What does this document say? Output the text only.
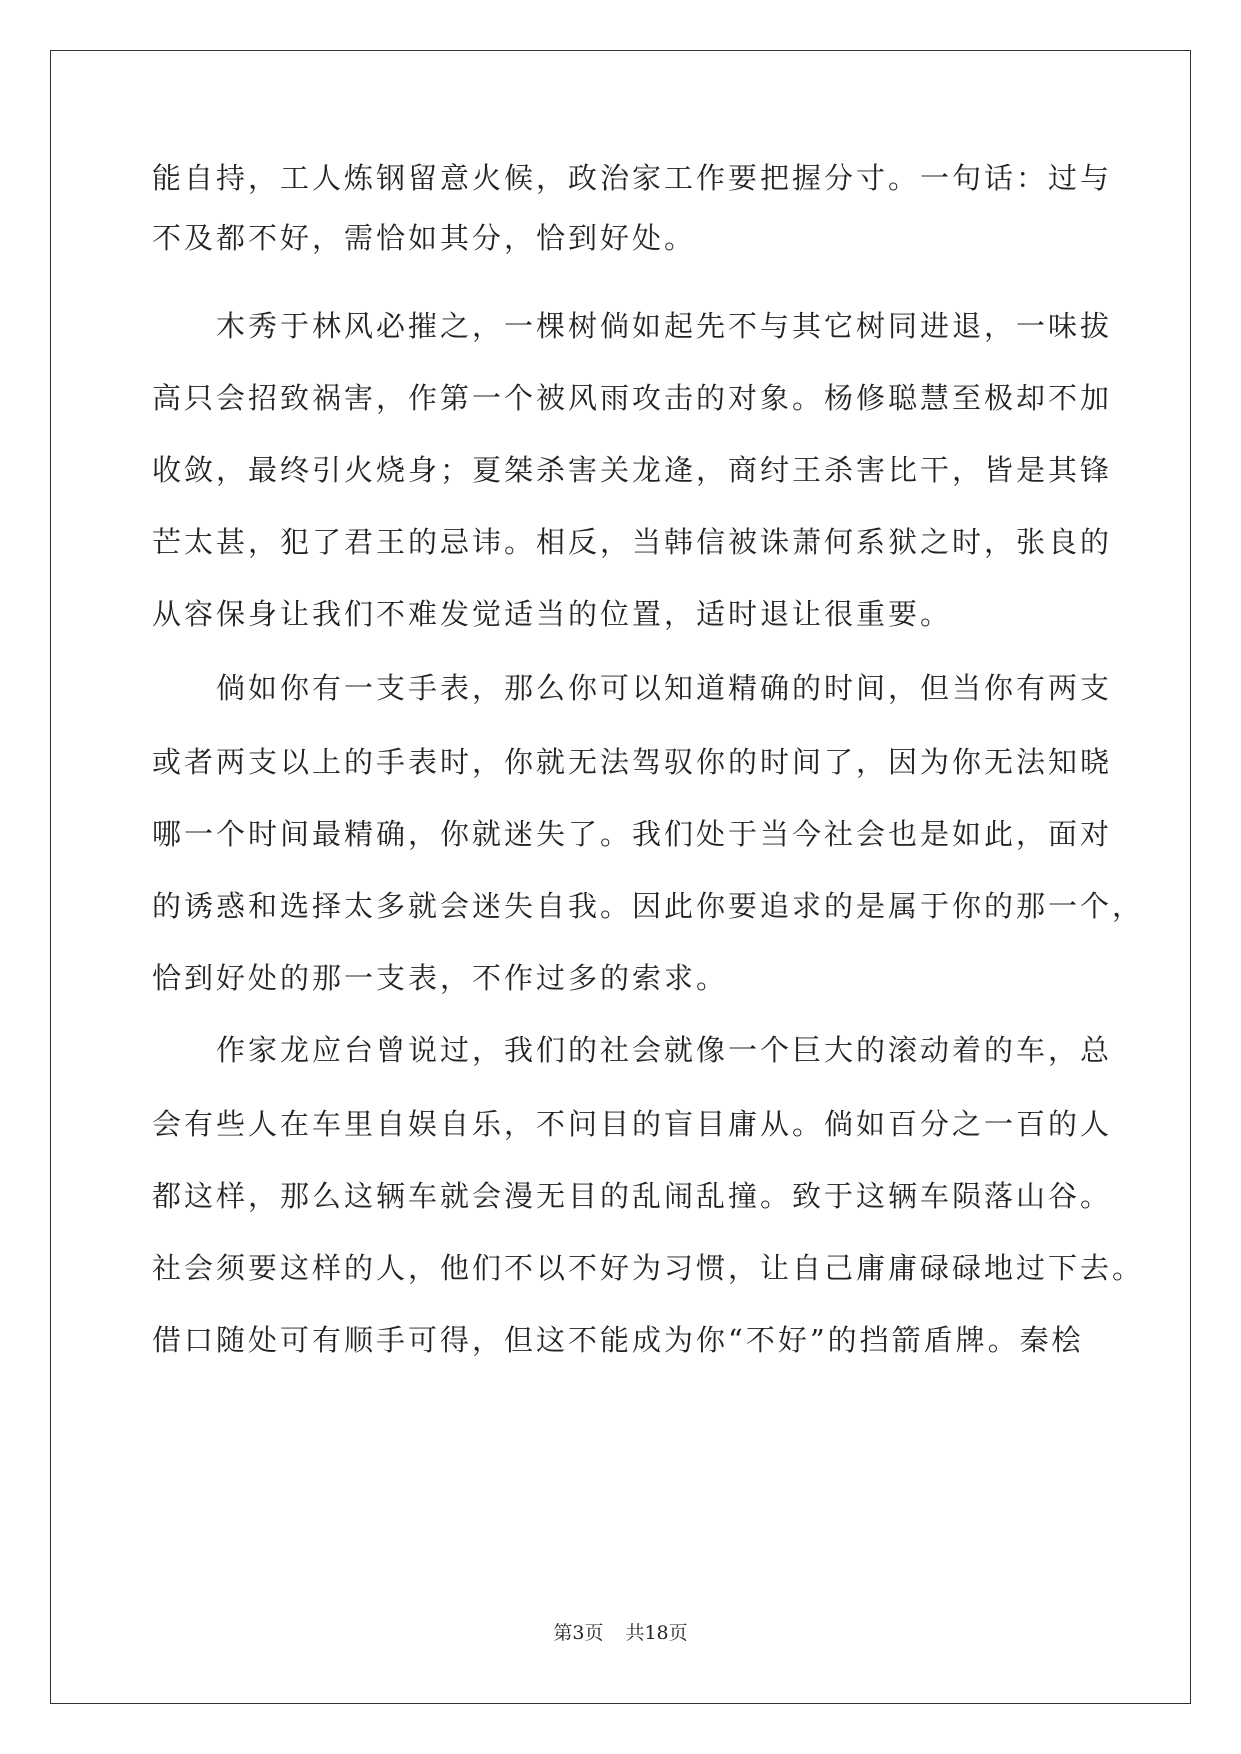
能自持，工人炼钢留意火候，政治家工作要把握分寸。一句话：过与
不及都不好，需恰如其分，恰到好处。
木秀于林风必摧之，一棵树倘如起先不与其它树同进退，一味拔
高只会招致祸害，作第一个被风雨攻击的对象。杨修聪慧至极却不加
收敛，最终引火烧身；夏桀杀害关龙逄，商纣王杀害比干，皆是其锋
芒太甚，犯了君王的忌讳。相反，当韩信被诛萧何系狱之时，张良的
从容保身让我们不难发觉适当的位置，适时退让很重要。
倘如你有一支手表，那么你可以知道精确的时间，但当你有两支
或者两支以上的手表时，你就无法驾驭你的时间了，因为你无法知晓
哪一个时间最精确，你就迷失了。我们处于当今社会也是如此，面对
的诱惑和选择太多就会迷失自我。因此你要追求的是属于你的那一个，
恰到好处的那一支表，不作过多的索求。
作家龙应台曾说过，我们的社会就像一个巨大的滚动着的车，总
会有些人在车里自娱自乐，不问目的盲目庸从。倘如百分之一百的人
都这样，那么这辆车就会漫无目的乱闹乱撞。致于这辆车陨落山谷。
社会须要这样的人，他们不以不好为习惯，让自己庸庸碌碌地过下去。
借口随处可有顺手可得，但这不能成为你“不好”的挡箭盾牌。秦桧
第3页 共18页
